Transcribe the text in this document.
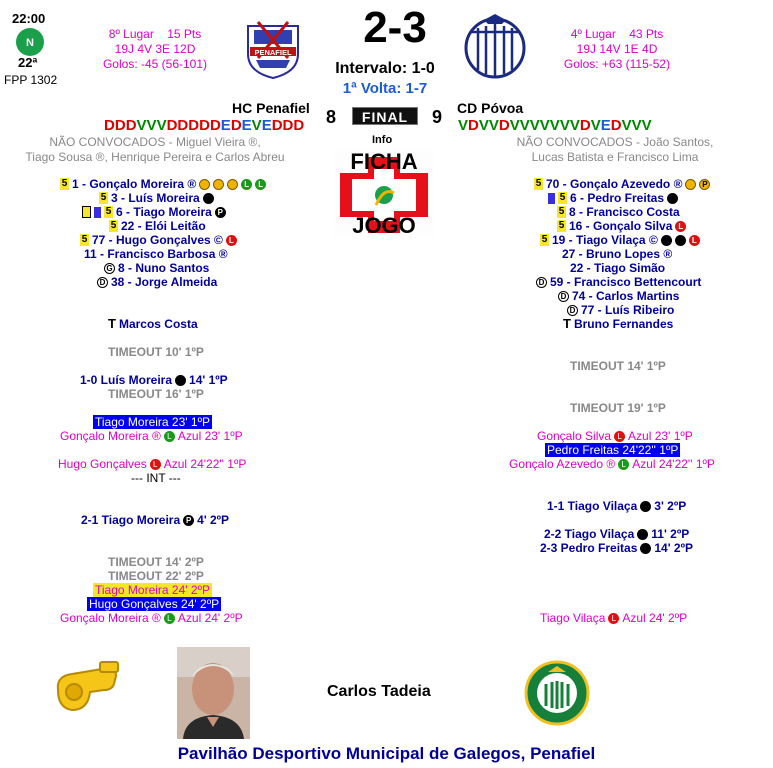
22:00
N
22ª
FPP 1302
8º Lugar 15 Pts
19J 4V 3E 12D
Golos: -45 (56-101)
PENAFIEL
2-3
Intervalo: 1-0
1ª Volta: 1-7
4º Lugar 43 Pts
19J 14V 1E 4D
Golos: +63 (115-52)
HC Penafiel 8	FINAL	9 CD Póvoa
DDDVVVDDDDDEDEVEDDD	VDVVDVVVVVVVDVEDVVV
NÃO CONVOCADOS - Miguel Vieira ®,
Tiago Sousa ®, Henrique Pereira e Carlos Abreu
NÃO CONVOCADOS - João Santos,
Lucas Batista e Francisco Lima
Info
FICHA
JOGO
5 1 - Gonçalo Moreira ®	L	L
5 3 - Luís Moreira
5 6 - Tiago Moreira P
5 22 - Elói Leitão
5 77 - Hugo Gonçalves © L
11 - Francisco Barbosa ®
G 8 - Nuno Santos
D 38 - Jorge Almeida
T Marcos Costa
5 70 - Gonçalo Azevedo ®	P
5 6 - Pedro Freitas
5 8 - Francisco Costa
5 16 - Gonçalo Silva L
5 19 - Tiago Vilaça ©	L
27 - Bruno Lopes ®
22 - Tiago Simão
D 59 - Francisco Bettencourt
D 74 - Carlos Martins
D 77 - Luís Ribeiro
T Bruno Fernandes
TIMEOUT 10' 1ºP
1-0 Luís Moreira 14' 1ºP
TIMEOUT 16' 1ºP
Tiago Moreira 23' 1ºP
Gonçalo Moreira ® L Azul 23' 1ºP
Hugo Gonçalves L Azul 24'22'' 1ºP
--- INT ---
2-1 Tiago Moreira P 4' 2ºP
TIMEOUT 14' 2ºP
TIMEOUT 22' 2ºP
Tiago Moreira 24' 2ºP
Hugo Gonçalves 24' 2ºP
Gonçalo Moreira ® L Azul 24' 2ºP
TIMEOUT 14' 1ºP
TIMEOUT 19' 1ºP
Gonçalo Silva L Azul 23' 1ºP
Pedro Freitas 24'22'' 1ºP
Gonçalo Azevedo ® L Azul 24'22'' 1ºP
1-1 Tiago Vilaça 3' 2ºP
2-2 Tiago Vilaça 11' 2ºP
2-3 Pedro Freitas 14' 2ºP
Tiago Vilaça L Azul 24' 2ºP
Carlos Tadeia
Pavilhão Desportivo Municipal de Galegos, Penafiel
